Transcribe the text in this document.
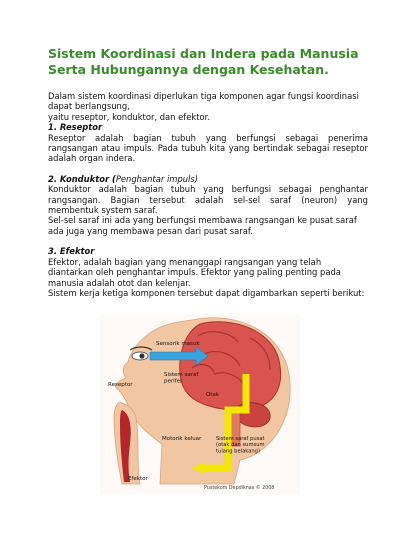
Sistem Koordinasi dan Indera pada Manusia Serta Hubungannya dengan Kesehatan.

Dalam sistem koordinasi diperlukan tiga komponen agar fungsi koordinasi dapat berlangsung,

yaitu reseptor, konduktor, dan efektor.

1. Reseptor

Reseptor adalah bagian tubuh yang berfungsi sebagai penerima rangsangan atau impuls. Pada tubuh kita yang bertindak sebagai reseptor adalah organ indera.

2. Konduktor (Penghantar impuls)

Konduktor adalah bagian tubuh yang berfungsi sebagai penghantar rangsangan. Bagian tersebut adalah sel-sel saraf (neuron) yang membentuk system saraf.

Sel-sel saraf ini ada yang berfungsi membawa rangsangan ke pusat saraf ada juga yang membawa pesan dari pusat saraf.

3. Efektor

Efektor, adalah bagian yang menanggapi rangsangan yang telah diantarkan oleh penghantar impuls. Efektor yang paling penting pada manusia adalah otot dan kelenjar.

Sistem kerja ketiga komponen tersebut dapat digambarkan seperti berikut:

Sensorik masuk
Sistem saraf perifer
Reseptor
Otak
Motorik keluar	Sistem saraf pusat (otak dan sumsum tulang belakang)
Efektor
Pustekom Depdiknas © 2008
